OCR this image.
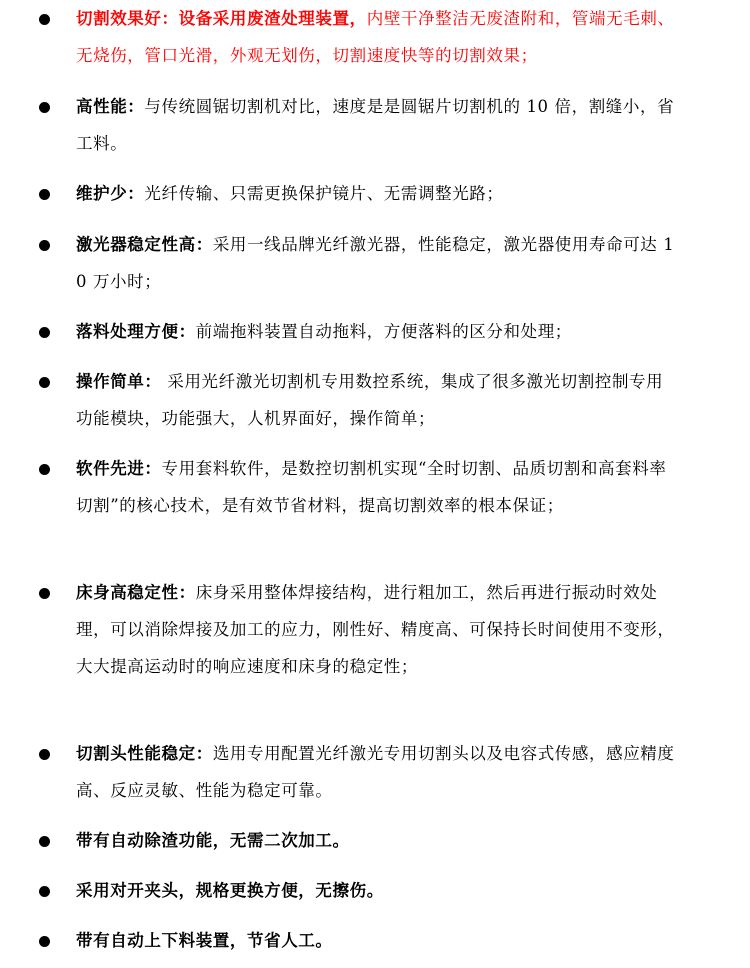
切割效果好：设备采用废渣处理装置，内壁干净整洁无废渣附和，管端无毛刺、无烧伤，管口光滑，外观无划伤，切割速度快等的切割效果；
高性能：与传统圆锯切割机对比，速度是是圆锯片切割机的 10 倍，割缝小，省工料。
维护少：光纤传输、只需更换保护镜片、无需调整光路；
激光器稳定性高：采用一线品牌光纤激光器，性能稳定，激光器使用寿命可达 10 万小时；
落料处理方便：前端拖料装置自动拖料，方便落料的区分和处理；
操作简单： 采用光纤激光切割机专用数控系统，集成了很多激光切割控制专用功能模块，功能强大，人机界面好，操作简单；
软件先进：专用套料软件，是数控切割机实现“全时切割、品质切割和高套料率切割”的核心技术，是有效节省材料，提高切割效率的根本保证；
床身高稳定性：床身采用整体焊接结构，进行粗加工，然后再进行振动时效处理，可以消除焊接及加工的应力，刚性好、精度高、可保持长时间使用不变形，大大提高运动时的响应速度和床身的稳定性；
切割头性能稳定：选用专用配置光纤激光专用切割头以及电容式传感，感应精度高、反应灵敏、性能为稳定可靠。
带有自动除渣功能，无需二次加工。
采用对开夹头，规格更换方便，无擦伤。
带有自动上下料装置，节省人工。
